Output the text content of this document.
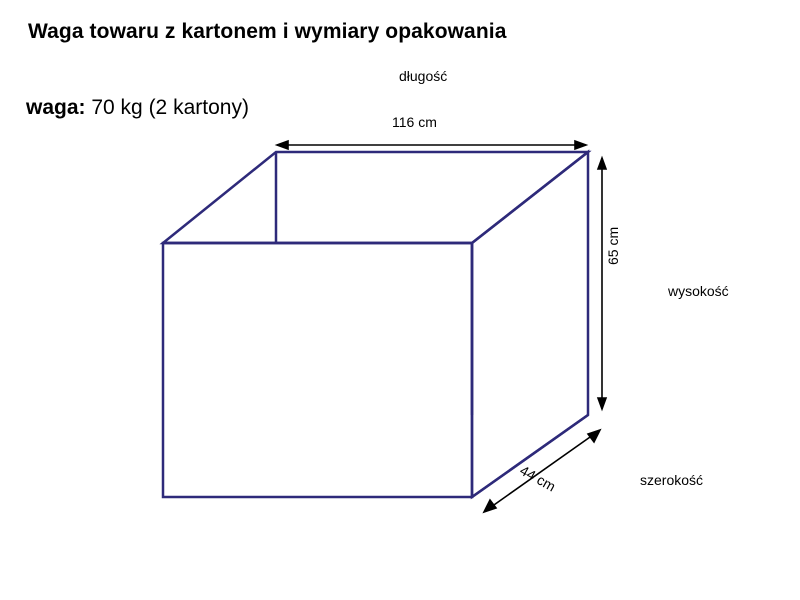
Waga towaru z kartonem i wymiary opakowania
waga: 70 kg (2 kartony)
długość
wysokość
szerokość
116 cm
65 cm
44 cm
